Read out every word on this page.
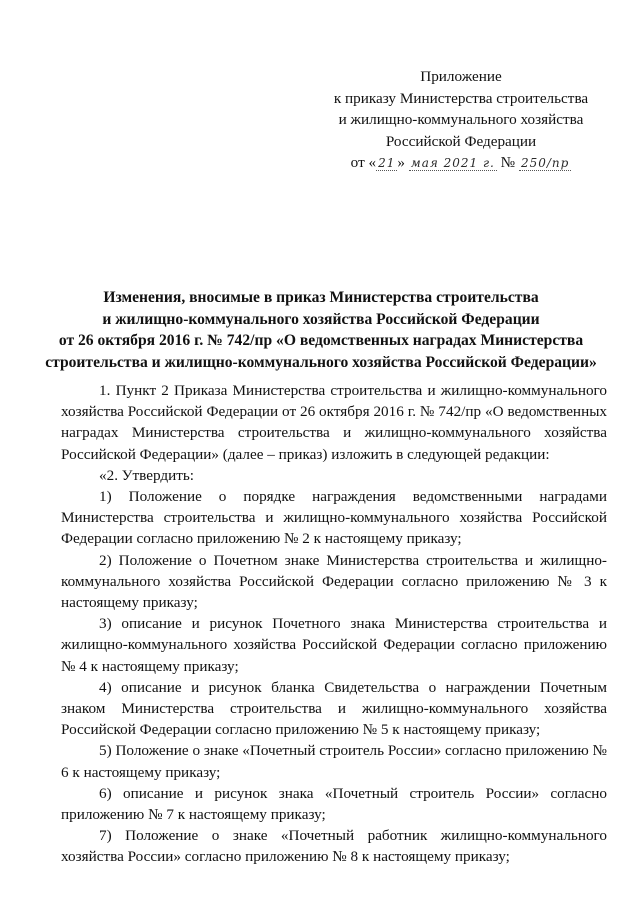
Приложение
к приказу Министерства строительства
и жилищно-коммунального хозяйства
Российской Федерации
от « 21 » мая 2021 г. № 250/пр
Изменения, вносимые в приказ Министерства строительства
и жилищно-коммунального хозяйства Российской Федерации
от 26 октября 2016 г. № 742/пр «О ведомственных наградах Министерства
строительства и жилищно-коммунального хозяйства Российской Федерации»

1. Пункт 2 Приказа Министерства строительства и жилищно-коммунального хозяйства Российской Федерации от 26 октября 2016 г. № 742/пр «О ведомственных наградах Министерства строительства и жилищно-коммунального хозяйства Российской Федерации» (далее – приказ) изложить в следующей редакции:

«2. Утвердить:

1) Положение о порядке награждения ведомственными наградами Министерства строительства и жилищно-коммунального хозяйства Российской Федерации согласно приложению № 2 к настоящему приказу;

2) Положение о Почетном знаке Министерства строительства и жилищно-коммунального хозяйства Российской Федерации согласно приложению № 3 к настоящему приказу;

3) описание и рисунок Почетного знака Министерства строительства и жилищно-коммунального хозяйства Российской Федерации согласно приложению № 4 к настоящему приказу;

4) описание и рисунок бланка Свидетельства о награждении Почетным знаком Министерства строительства и жилищно-коммунального хозяйства Российской Федерации согласно приложению № 5 к настоящему приказу;

5) Положение о знаке «Почетный строитель России» согласно приложению № 6 к настоящему приказу;

6) описание и рисунок знака «Почетный строитель России» согласно приложению № 7 к настоящему приказу;

7) Положение о знаке «Почетный работник жилищно-коммунального хозяйства России» согласно приложению № 8 к настоящему приказу;
